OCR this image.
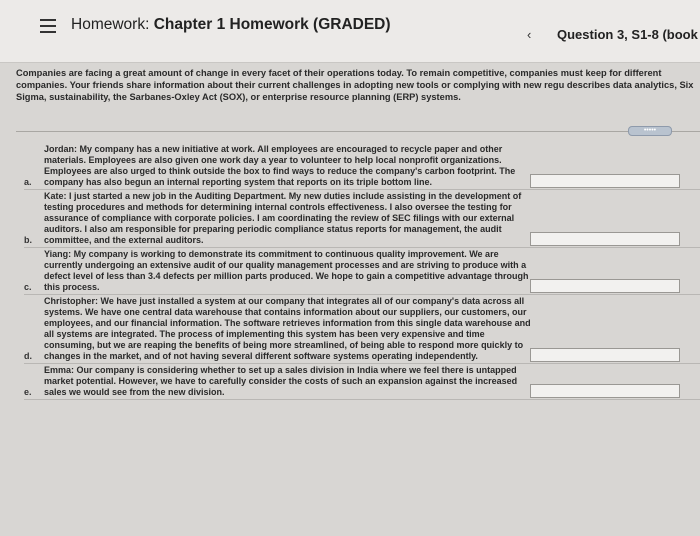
Homework: Chapter 1 Homework (GRADED)
‹ Question 3, S1-8 (book
Companies are facing a great amount of change in every facet of their operations today. To remain competitive, companies must keep for different companies. Your friends share information about their current challenges in adopting new tools or complying with new regu describes data analytics, Six Sigma, sustainability, the Sarbanes-Oxley Act (SOX), or enterprise resource planning (ERP) systems.
•••••
a.
Jordan: My company has a new initiative at work. All employees are encouraged to recycle paper and other materials. Employees are also given one work day a year to volunteer to help local nonprofit organizations. Employees are also urged to think outside the box to find ways to reduce the company's carbon footprint. The company has also begun an internal reporting system that reports on its triple bottom line.
b.
Kate: I just started a new job in the Auditing Department. My new duties include assisting in the development of testing procedures and methods for determining internal controls effectiveness. I also oversee the testing for assurance of compliance with corporate policies. I am coordinating the review of SEC filings with our external auditors. I also am responsible for preparing periodic compliance status reports for management, the audit committee, and the external auditors.
c.
Yiang: My company is working to demonstrate its commitment to continuous quality improvement. We are currently undergoing an extensive audit of our quality management processes and are striving to produce with a defect level of less than 3.4 defects per million parts produced. We hope to gain a competitive advantage through this process.
d.
Christopher: We have just installed a system at our company that integrates all of our company's data across all systems. We have one central data warehouse that contains information about our suppliers, our customers, our employees, and our financial information. The software retrieves information from this single data warehouse and all systems are integrated. The process of implementing this system has been very expensive and time consuming, but we are reaping the benefits of being more streamlined, of being able to respond more quickly to changes in the market, and of not having several different software systems operating independently.
e.
Emma: Our company is considering whether to set up a sales division in India where we feel there is untapped market potential. However, we have to carefully consider the costs of such an expansion against the increased sales we would see from the new division.
